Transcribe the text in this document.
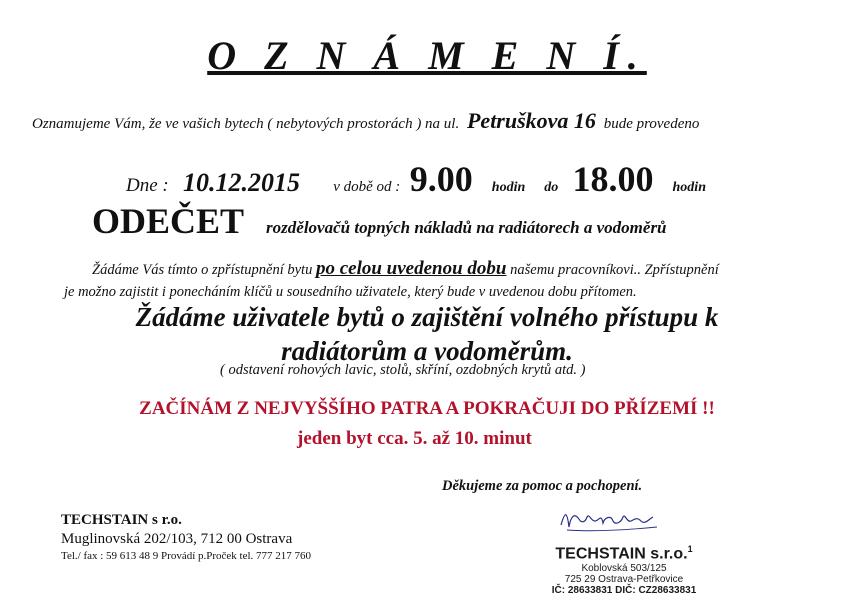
O Z N Á M E N Í.
Oznamujeme Vám, že ve vašich bytech ( nebytových prostorách ) na ul. Petruškova 16 bude provedeno
Dne : 10.12.2015 v době od : 9.00 hodin do 18.00 hodin
ODEČET rozdělovačů topných nákladů na radiátorech a vodoměrů
Žádáme Vás tímto o zpřístupnění bytu po celou uvedenou dobu našemu pracovníkovi.. Zpřístupnění
je možno zajistit i ponecháním klíčů u sousedního uživatele, který bude v uvedenou dobu přítomen.
Žádáme uživatele bytů o zajištění volného přístupu k radiátorům a vodoměrům.
( odstavení rohových lavic, stolů, skříní, ozdobných krytů atd. )
ZAČÍNÁM Z NEJVYŠŠÍHO PATRA A POKRAČUJI DO PŘÍZEMÍ !!
jeden byt cca. 5. až 10. minut
Děkujeme za pomoc a pochopení.
TECHSTAIN s r.o.
Muglinovská 202/103, 712 00 Ostrava
Tel./ fax : 59 613 48 9 Provádí p.Proček tel. 777 217 760	TECHSTAIN s.r.o.$^1$
Koblovská 503/125
725 29 Ostrava-Petřkovice
IČ: 28633831 DIČ: CZ28633831
